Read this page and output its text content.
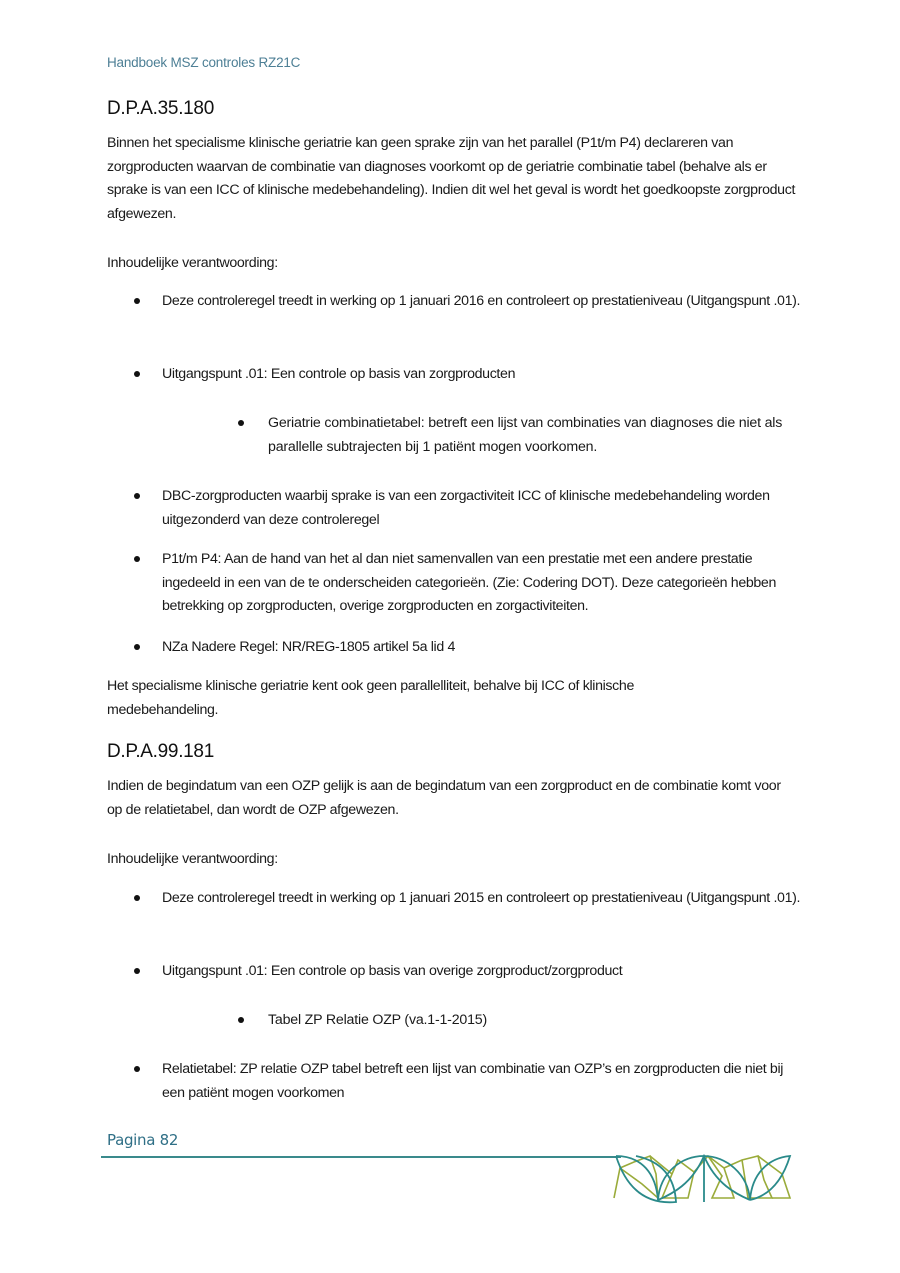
Handboek MSZ controles RZ21C
D.P.A.35.180
Binnen het specialisme klinische geriatrie kan geen sprake zijn van het parallel (P1t/m P4) declareren van zorgproducten waarvan de combinatie van diagnoses voorkomt op de geriatrie combinatie tabel (behalve als er sprake is van een ICC of klinische medebehandeling). Indien dit wel het geval is wordt het goedkoopste zorgproduct afgewezen.
Inhoudelijke verantwoording:
Deze controleregel treedt in werking op 1 januari 2016 en controleert op prestatieniveau (Uitgangspunt .01).
Uitgangspunt .01: Een controle op basis van zorgproducten
Geriatrie combinatietabel: betreft een lijst van combinaties van diagnoses die niet als parallelle subtrajecten bij 1 patiënt mogen voorkomen.
DBC-zorgproducten waarbij sprake is van een zorgactiviteit ICC of klinische medebehandeling worden uitgezonderd van deze controleregel
P1t/m P4: Aan de hand van het al dan niet samenvallen van een prestatie met een andere prestatie ingedeeld in een van de te onderscheiden categorieën. (Zie: Codering DOT). Deze categorieën hebben betrekking op zorgproducten, overige zorgproducten en zorgactiviteiten.
NZa Nadere Regel: NR/REG-1805 artikel 5a lid 4
Het specialisme klinische geriatrie kent ook geen parallelliteit, behalve bij ICC of klinische medebehandeling.
D.P.A.99.181
Indien de begindatum van een OZP gelijk is aan de begindatum van een zorgproduct en de combinatie komt voor op de relatietabel, dan wordt de OZP afgewezen.
Inhoudelijke verantwoording:
Deze controleregel treedt in werking op 1 januari 2015 en controleert op prestatieniveau (Uitgangspunt .01).
Uitgangspunt .01: Een controle op basis van overige zorgproduct/zorgproduct
Tabel ZP Relatie OZP (va.1-1-2015)
Relatietabel: ZP relatie OZP tabel betreft een lijst van combinatie van OZP’s en zorgproducten die niet bij een patiënt mogen voorkomen
Pagina 82
